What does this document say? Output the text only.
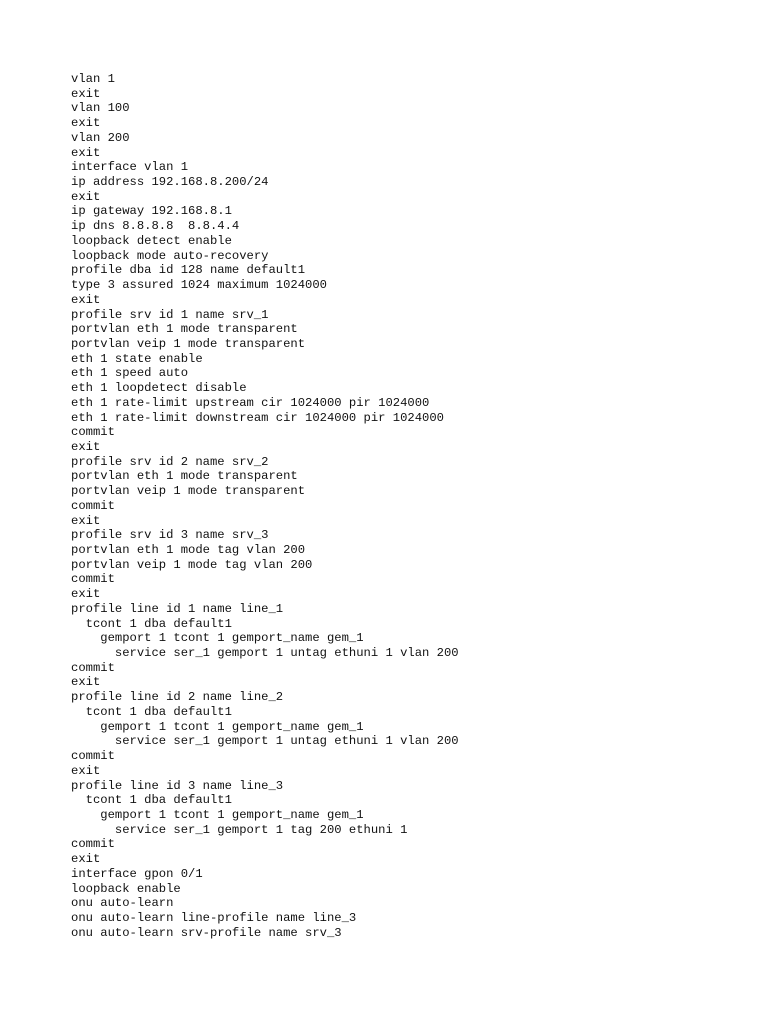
vlan 1
exit
vlan 100
exit
vlan 200
exit
interface vlan 1
ip address 192.168.8.200/24
exit
ip gateway 192.168.8.1
ip dns 8.8.8.8  8.8.4.4
loopback detect enable
loopback mode auto-recovery
profile dba id 128 name default1
type 3 assured 1024 maximum 1024000
exit
profile srv id 1 name srv_1
portvlan eth 1 mode transparent
portvlan veip 1 mode transparent
eth 1 state enable
eth 1 speed auto
eth 1 loopdetect disable
eth 1 rate-limit upstream cir 1024000 pir 1024000
eth 1 rate-limit downstream cir 1024000 pir 1024000
commit
exit
profile srv id 2 name srv_2
portvlan eth 1 mode transparent
portvlan veip 1 mode transparent
commit
exit
profile srv id 3 name srv_3
portvlan eth 1 mode tag vlan 200
portvlan veip 1 mode tag vlan 200
commit
exit
profile line id 1 name line_1
tcont 1 dba default1
gemport 1 tcont 1 gemport_name gem_1
service ser_1 gemport 1 untag ethuni 1 vlan 200
commit
exit
profile line id 2 name line_2
tcont 1 dba default1
gemport 1 tcont 1 gemport_name gem_1
service ser_1 gemport 1 untag ethuni 1 vlan 200
commit
exit
profile line id 3 name line_3
tcont 1 dba default1
gemport 1 tcont 1 gemport_name gem_1
service ser_1 gemport 1 tag 200 ethuni 1
commit
exit
interface gpon 0/1
loopback enable
onu auto-learn
onu auto-learn line-profile name line_3
onu auto-learn srv-profile name srv_3
